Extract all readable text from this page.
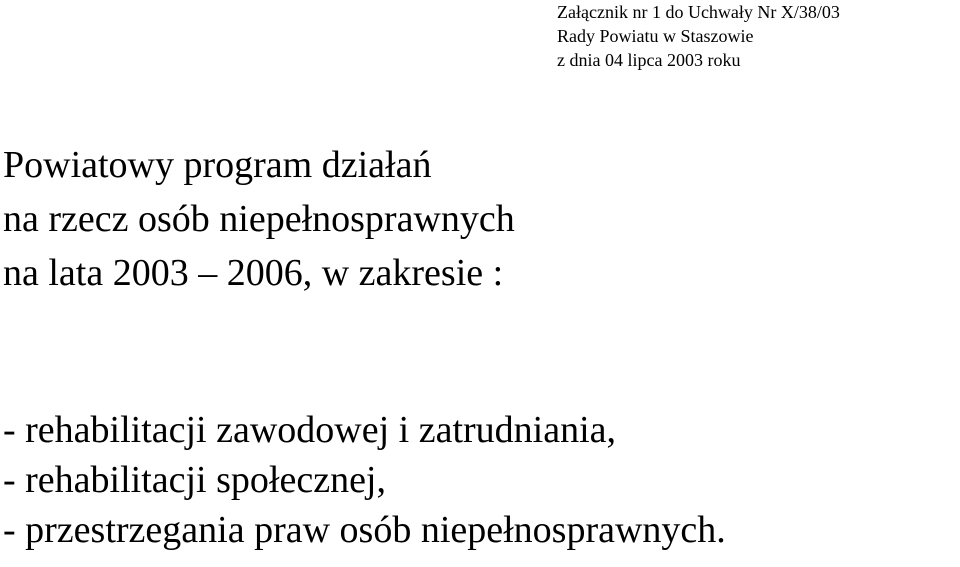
Załącznik nr 1 do Uchwały Nr X/38/03
Rady Powiatu w Staszowie
z dnia 04 lipca 2003 roku
Powiatowy program działań
na rzecz osób niepełnosprawnych
na lata 2003 – 2006, w zakresie :
- rehabilitacji zawodowej i zatrudniania,
- rehabilitacji społecznej,
- przestrzegania praw osób niepełnosprawnych.
